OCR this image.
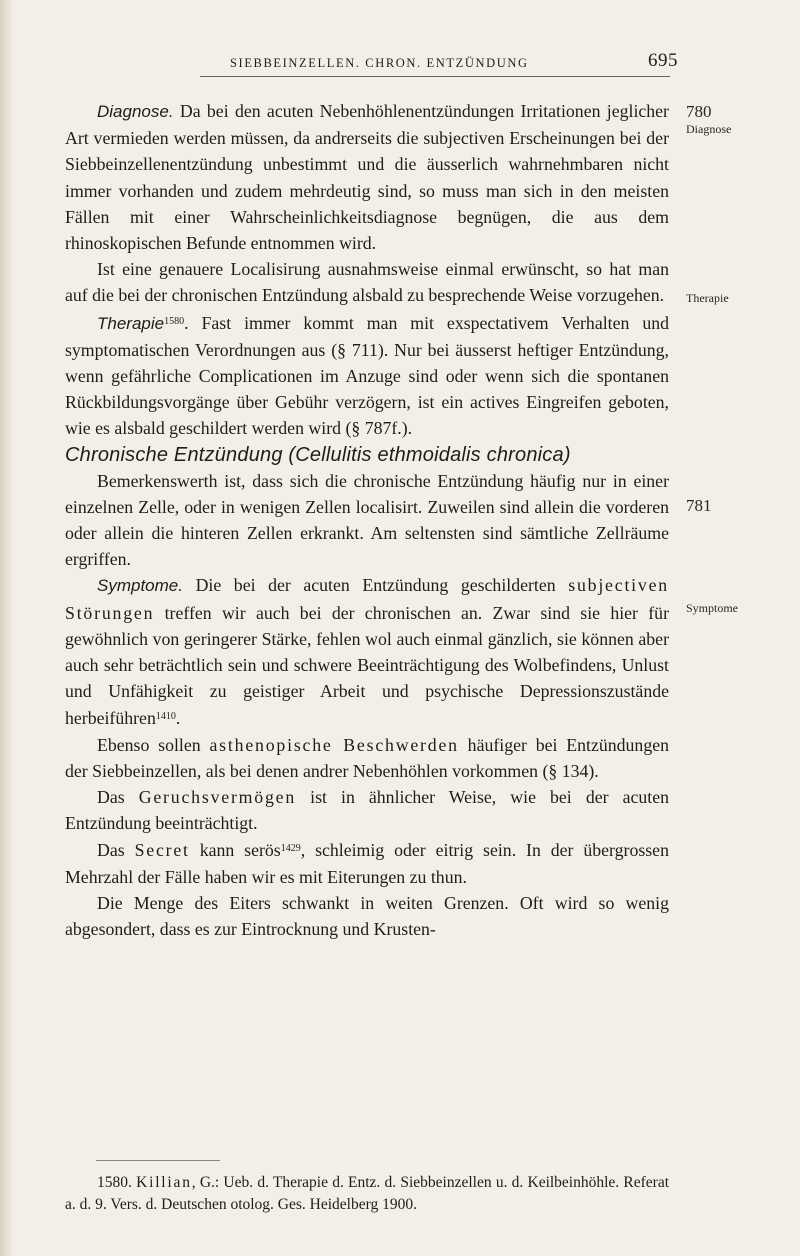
SIEBBEINZELLEN. CHRON. ENTZÜNDUNG	695
780
Diagnose
Therapie
781
Symptome

Diagnose. Da bei den acuten Nebenhöhlenentzündungen Irritationen jeglicher Art vermieden werden müssen, da andrerseits die subjectiven Erscheinungen bei der Siebbeinzellenentzündung unbestimmt und die äusserlich wahrnehmbaren nicht immer vorhanden und zudem mehrdeutig sind, so muss man sich in den meisten Fällen mit einer Wahrscheinlichkeitsdiagnose begnügen, die aus dem rhinoskopischen Befunde entnommen wird.

Ist eine genauere Localisirung ausnahmsweise einmal erwünscht, so hat man auf die bei der chronischen Entzündung alsbald zu besprechende Weise vorzugehen.

Therapie$^{1580}$. Fast immer kommt man mit exspectativem Verhalten und symptomatischen Verordnungen aus (§ 711). Nur bei äusserst heftiger Entzündung, wenn gefährliche Complicationen im Anzuge sind oder wenn sich die spontanen Rückbildungsvorgänge über Gebühr verzögern, ist ein actives Eingreifen geboten, wie es alsbald geschildert werden wird (§ 787f.).

Chronische Entzündung (Cellulitis ethmoidalis chronica)

Bemerkenswerth ist, dass sich die chronische Entzündung häufig nur in einer einzelnen Zelle, oder in wenigen Zellen localisirt. Zuweilen sind allein die vorderen oder allein die hinteren Zellen erkrankt. Am seltensten sind sämtliche Zellräume ergriffen.

Symptome. Die bei der acuten Entzündung geschilderten subjectiven Störungen treffen wir auch bei der chronischen an. Zwar sind sie hier für gewöhnlich von geringerer Stärke, fehlen wol auch einmal gänzlich, sie können aber auch sehr beträchtlich sein und schwere Beeinträchtigung des Wolbefindens, Unlust und Unfähigkeit zu geistiger Arbeit und psychische Depressionszustände herbeiführen$^{1410}$.

Ebenso sollen asthenopische Beschwerden häufiger bei Entzündungen der Siebbeinzellen, als bei denen andrer Nebenhöhlen vorkommen (§ 134).

Das Geruchsvermögen ist in ähnlicher Weise, wie bei der acuten Entzündung beeinträchtigt.

Das Secret kann serös$^{1429}$, schleimig oder eitrig sein. In der übergrossen Mehrzahl der Fälle haben wir es mit Eiterungen zu thun.

Die Menge des Eiters schwankt in weiten Grenzen. Oft wird so wenig abgesondert, dass es zur Eintrocknung und Krusten-

1580. Killian, G.: Ueb. d. Therapie d. Entz. d. Siebbeinzellen u. d. Keilbeinhöhle. Referat a. d. 9. Vers. d. Deutschen otolog. Ges. Heidelberg 1900.
